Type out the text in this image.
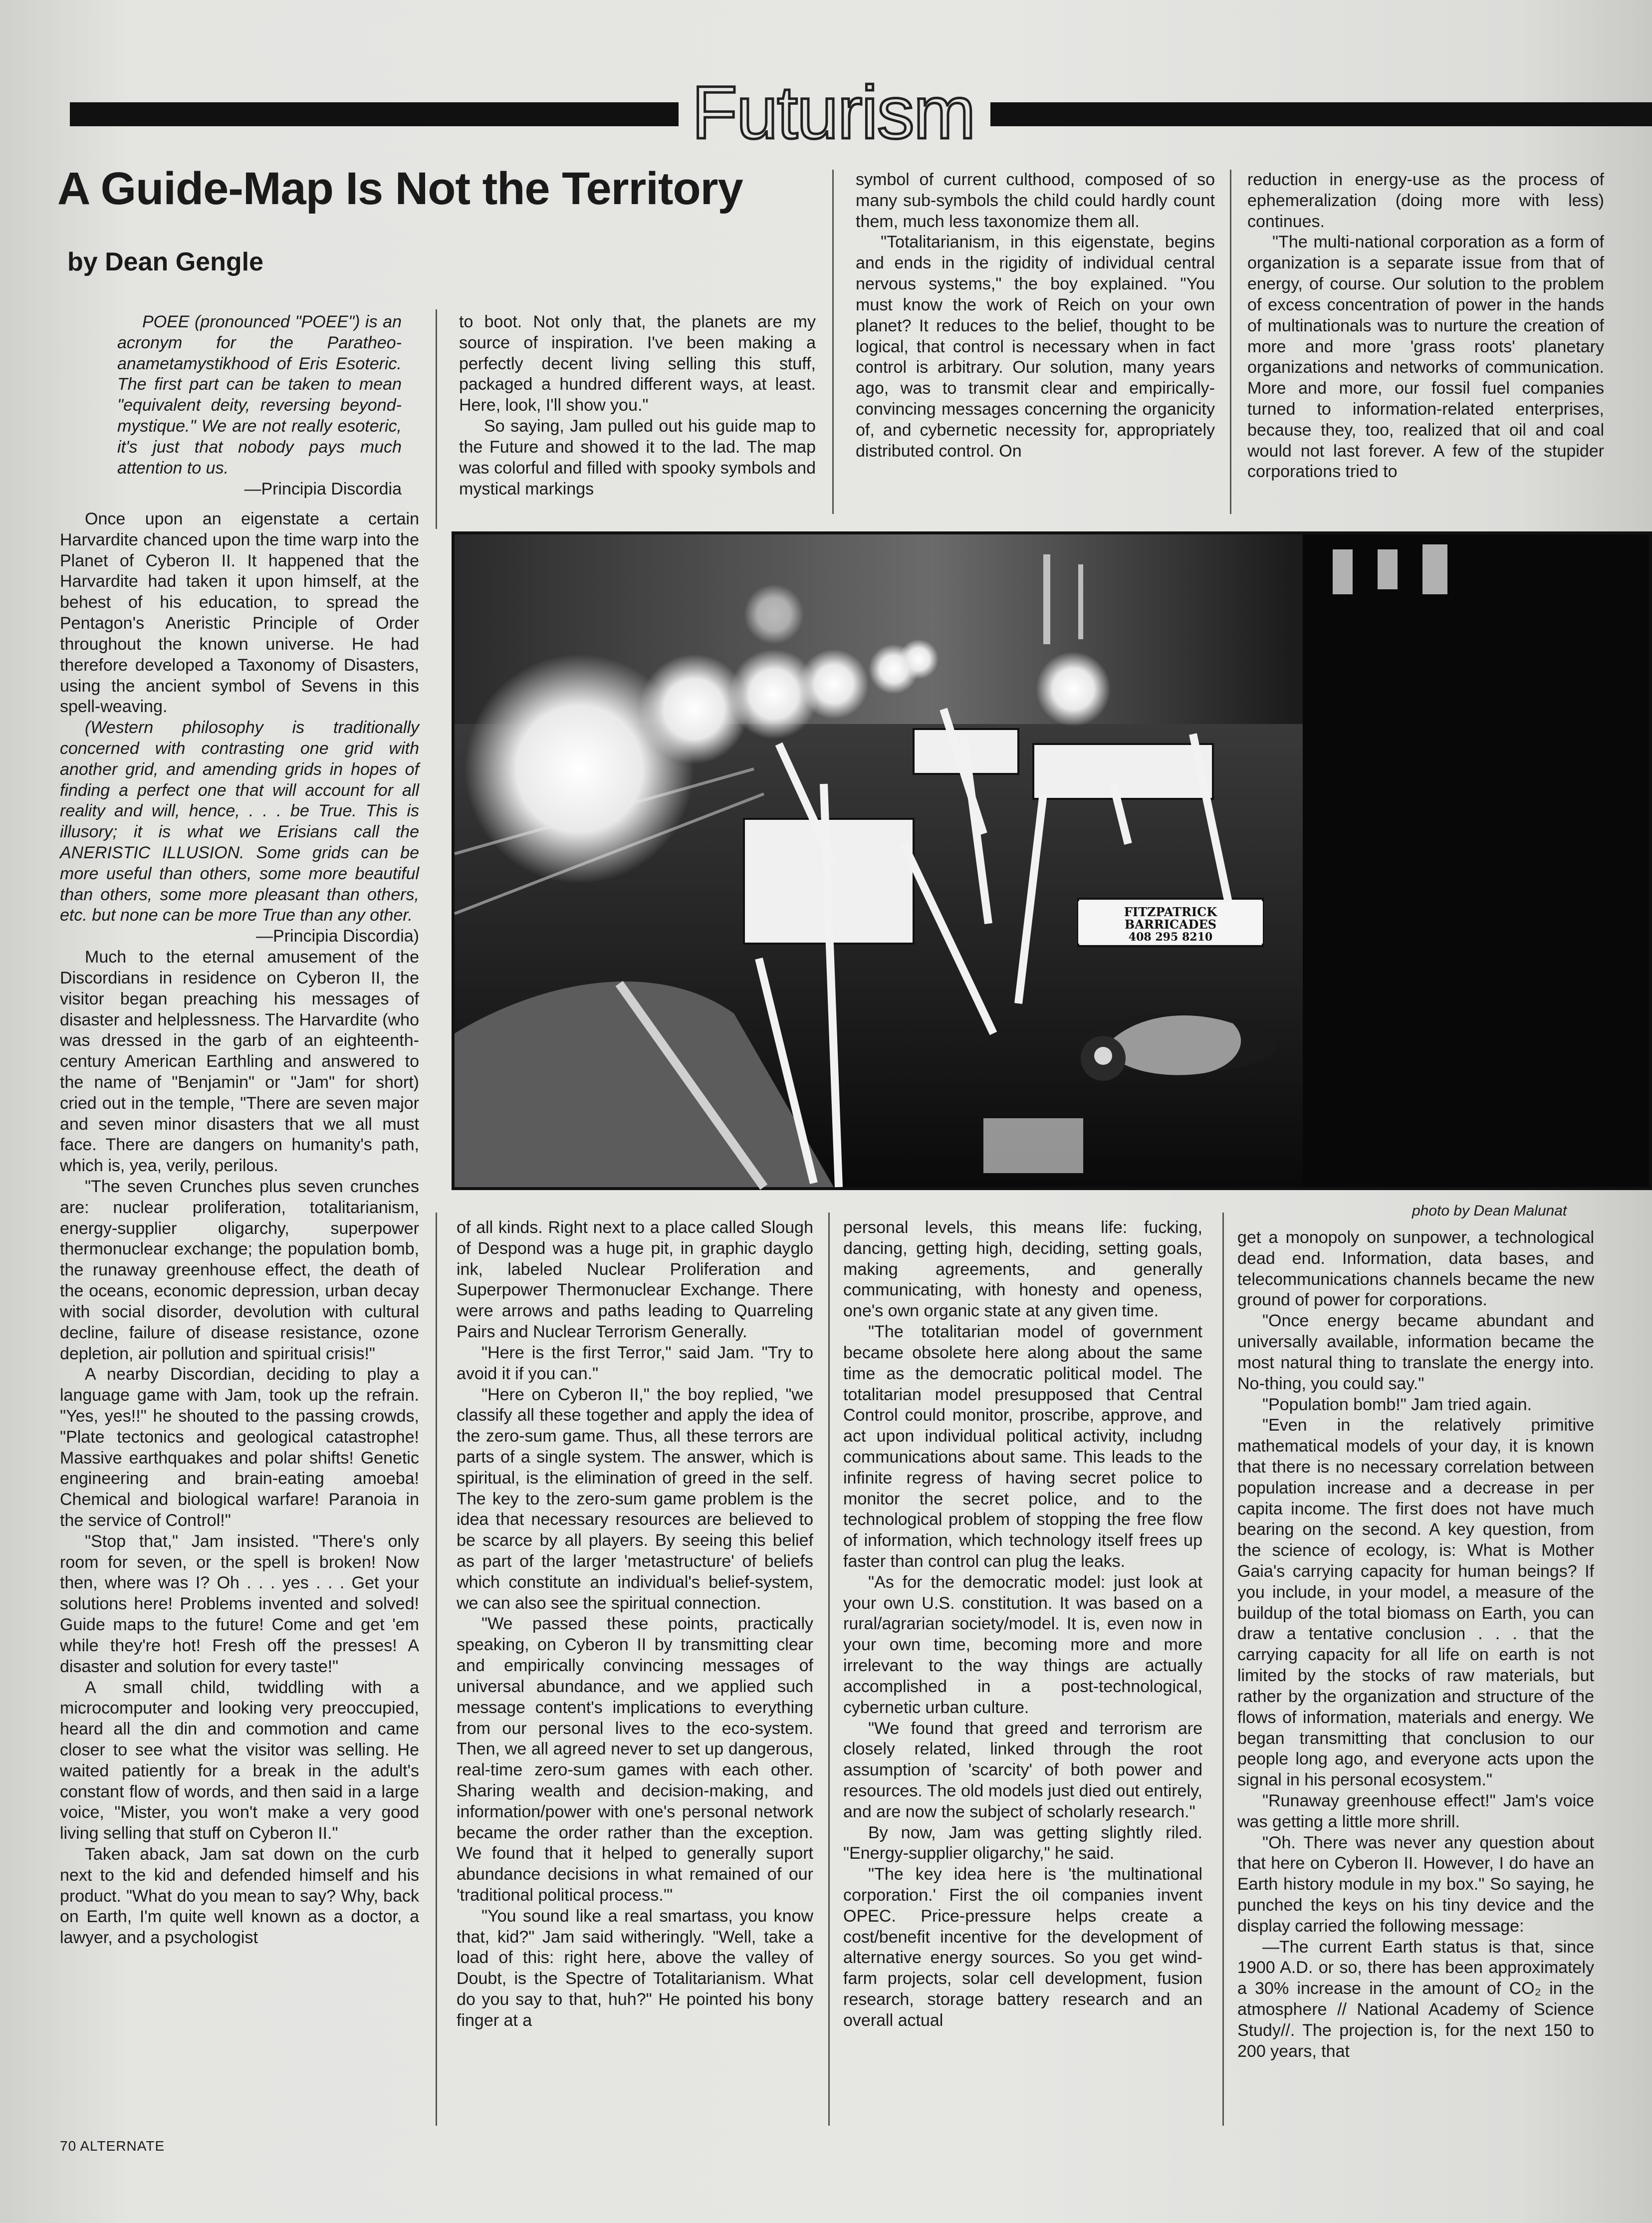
Futurism
A Guide-Map Is Not the Territory
by Dean Gengle

POEE (pronounced "POEE") is an acronym for the Paratheo-anametamystikhood of Eris Esoteric. The first part can be taken to mean "equivalent deity, reversing beyond-mystique." We are not really esoteric, it's just that nobody pays much attention to us.

—Principia Discordia

to boot. Not only that, the planets are my source of inspiration. I've been making a perfectly decent living selling this stuff, packaged a hundred different ways, at least. Here, look, I'll show you."

So saying, Jam pulled out his guide map to the Future and showed it to the lad. The map was colorful and filled with spooky symbols and mystical markings

symbol of current culthood, composed of so many sub-symbols the child could hardly count them, much less taxonomize them all.

"Totalitarianism, in this eigenstate, begins and ends in the rigidity of individual central nervous systems," the boy explained. "You must know the work of Reich on your own planet? It reduces to the belief, thought to be logical, that control is necessary when in fact control is arbitrary. Our solution, many years ago, was to transmit clear and empirically-convincing messages concerning the organicity of, and cybernetic necessity for, appropriately distributed control. On

reduction in energy-use as the process of ephemeralization (doing more with less) continues.

"The multi-national corporation as a form of organization is a separate issue from that of energy, of course. Our solution to the problem of excess concentration of power in the hands of multinationals was to nurture the creation of more and more 'grass roots' planetary organizations and networks of communication. More and more, our fossil fuel companies turned to information-related enterprises, because they, too, realized that oil and coal would not last forever. A few of the stupider corporations tried to

Once upon an eigenstate a certain Harvardite chanced upon the time warp into the Planet of Cyberon II. It happened that the Harvardite had taken it upon himself, at the behest of his education, to spread the Pentagon's Aneristic Principle of Order throughout the known universe. He had therefore developed a Taxonomy of Disasters, using the ancient symbol of Sevens in this spell-weaving.

(Western philosophy is traditionally concerned with contrasting one grid with another grid, and amending grids in hopes of finding a perfect one that will account for all reality and will, hence, . . . be True. This is illusory; it is what we Erisians call the ANERISTIC ILLUSION. Some grids can be more useful than others, some more beautiful than others, some more pleasant than others, etc. but none can be more True than any other.

—Principia Discordia)

Much to the eternal amusement of the Discordians in residence on Cyberon II, the visitor began preaching his messages of disaster and helplessness. The Harvardite (who was dressed in the garb of an eighteenth-century American Earthling and answered to the name of "Benjamin" or "Jam" for short) cried out in the temple, "There are seven major and seven minor disasters that we all must face. There are dangers on humanity's path, which is, yea, verily, perilous.

"The seven Crunches plus seven crunches are: nuclear proliferation, totalitarianism, energy-supplier oligarchy, superpower thermonuclear exchange; the population bomb, the runaway greenhouse effect, the death of the oceans, economic depression, urban decay with social disorder, devolution with cultural decline, failure of disease resistance, ozone depletion, air pollution and spiritual crisis!"

A nearby Discordian, deciding to play a language game with Jam, took up the refrain. "Yes, yes!!" he shouted to the passing crowds, "Plate tectonics and geological catastrophe! Massive earthquakes and polar shifts! Genetic engineering and brain-eating amoeba! Chemical and biological warfare! Paranoia in the service of Control!"

"Stop that," Jam insisted. "There's only room for seven, or the spell is broken! Now then, where was I? Oh . . . yes . . . Get your solutions here! Problems invented and solved! Guide maps to the future! Come and get 'em while they're hot! Fresh off the presses! A disaster and solution for every taste!"

A small child, twiddling with a microcomputer and looking very preoccupied, heard all the din and commotion and came closer to see what the visitor was selling. He waited patiently for a break in the adult's constant flow of words, and then said in a large voice, "Mister, you won't make a very good living selling that stuff on Cyberon II."

Taken aback, Jam sat down on the curb next to the kid and defended himself and his product. "What do you mean to say? Why, back on Earth, I'm quite well known as a doctor, a lawyer, and a psychologist

of all kinds. Right next to a place called Slough of Despond was a huge pit, in graphic dayglo ink, labeled Nuclear Proliferation and Superpower Thermonuclear Exchange. There were arrows and paths leading to Quarreling Pairs and Nuclear Terrorism Generally.

"Here is the first Terror," said Jam. "Try to avoid it if you can."

"Here on Cyberon II," the boy replied, "we classify all these together and apply the idea of the zero-sum game. Thus, all these terrors are parts of a single system. The answer, which is spiritual, is the elimination of greed in the self. The key to the zero-sum game problem is the idea that necessary resources are believed to be scarce by all players. By seeing this belief as part of the larger 'metastructure' of beliefs which constitute an individual's belief-system, we can also see the spiritual connection.

"We passed these points, practically speaking, on Cyberon II by transmitting clear and empirically convincing messages of universal abundance, and we applied such message content's implications to everything from our personal lives to the eco-system. Then, we all agreed never to set up dangerous, real-time zero-sum games with each other. Sharing wealth and decision-making, and information/power with one's personal network became the order rather than the exception. We found that it helped to generally suport abundance decisions in what remained of our 'traditional political process.'"

"You sound like a real smartass, you know that, kid?" Jam said witheringly. "Well, take a load of this: right here, above the valley of Doubt, is the Spectre of Totalitarianism. What do you say to that, huh?" He pointed his bony finger at a

personal levels, this means life: fucking, dancing, getting high, deciding, setting goals, making agreements, and generally communicating, with honesty and openess, one's own organic state at any given time.

"The totalitarian model of government became obsolete here along about the same time as the democratic political model. The totalitarian model presupposed that Central Control could monitor, proscribe, approve, and act upon individual political activity, includng communications about same. This leads to the infinite regress of having secret police to monitor the secret police, and to the technological problem of stopping the free flow of information, which technology itself frees up faster than control can plug the leaks.

"As for the democratic model: just look at your own U.S. constitution. It was based on a rural/agrarian society/model. It is, even now in your own time, becoming more and more irrelevant to the way things are actually accomplished in a post-technological, cybernetic urban culture.

"We found that greed and terrorism are closely related, linked through the root assumption of 'scarcity' of both power and resources. The old models just died out entirely, and are now the subject of scholarly research."

By now, Jam was getting slightly riled. "Energy-supplier oligarchy," he said.

"The key idea here is 'the multinational corporation.' First the oil companies invent OPEC. Price-pressure helps create a cost/benefit incentive for the development of alternative energy sources. So you get wind-farm projects, solar cell development, fusion research, storage battery research and an overall actual

get a monopoly on sunpower, a technological dead end. Information, data bases, and telecommunications channels became the new ground of power for corporations.

"Once energy became abundant and universally available, information became the most natural thing to translate the energy into. No-thing, you could say."

"Population bomb!" Jam tried again.

"Even in the relatively primitive mathematical models of your day, it is known that there is no necessary correlation between population increase and a decrease in per capita income. The first does not have much bearing on the second. A key question, from the science of ecology, is: What is Mother Gaia's carrying capacity for human beings? If you include, in your model, a measure of the buildup of the total biomass on Earth, you can draw a tentative conclusion . . . that the carrying capacity for all life on earth is not limited by the stocks of raw materials, but rather by the organization and structure of the flows of information, materials and energy. We began transmitting that conclusion to our people long ago, and everyone acts upon the signal in his personal ecosystem."

"Runaway greenhouse effect!" Jam's voice was getting a little more shrill.

"Oh. There was never any question about that here on Cyberon II. However, I do have an Earth history module in my box." So saying, he punched the keys on his tiny device and the display carried the following message:

—The current Earth status is that, since 1900 A.D. or so, there has been approximately a 30% increase in the amount of CO₂ in the atmosphere // National Academy of Science Study//. The projection is, for the next 150 to 200 years, that

FITZPATRICK
BARRICADES
408 295 8210
photo by Dean Malunat
70 ALTERNATE
